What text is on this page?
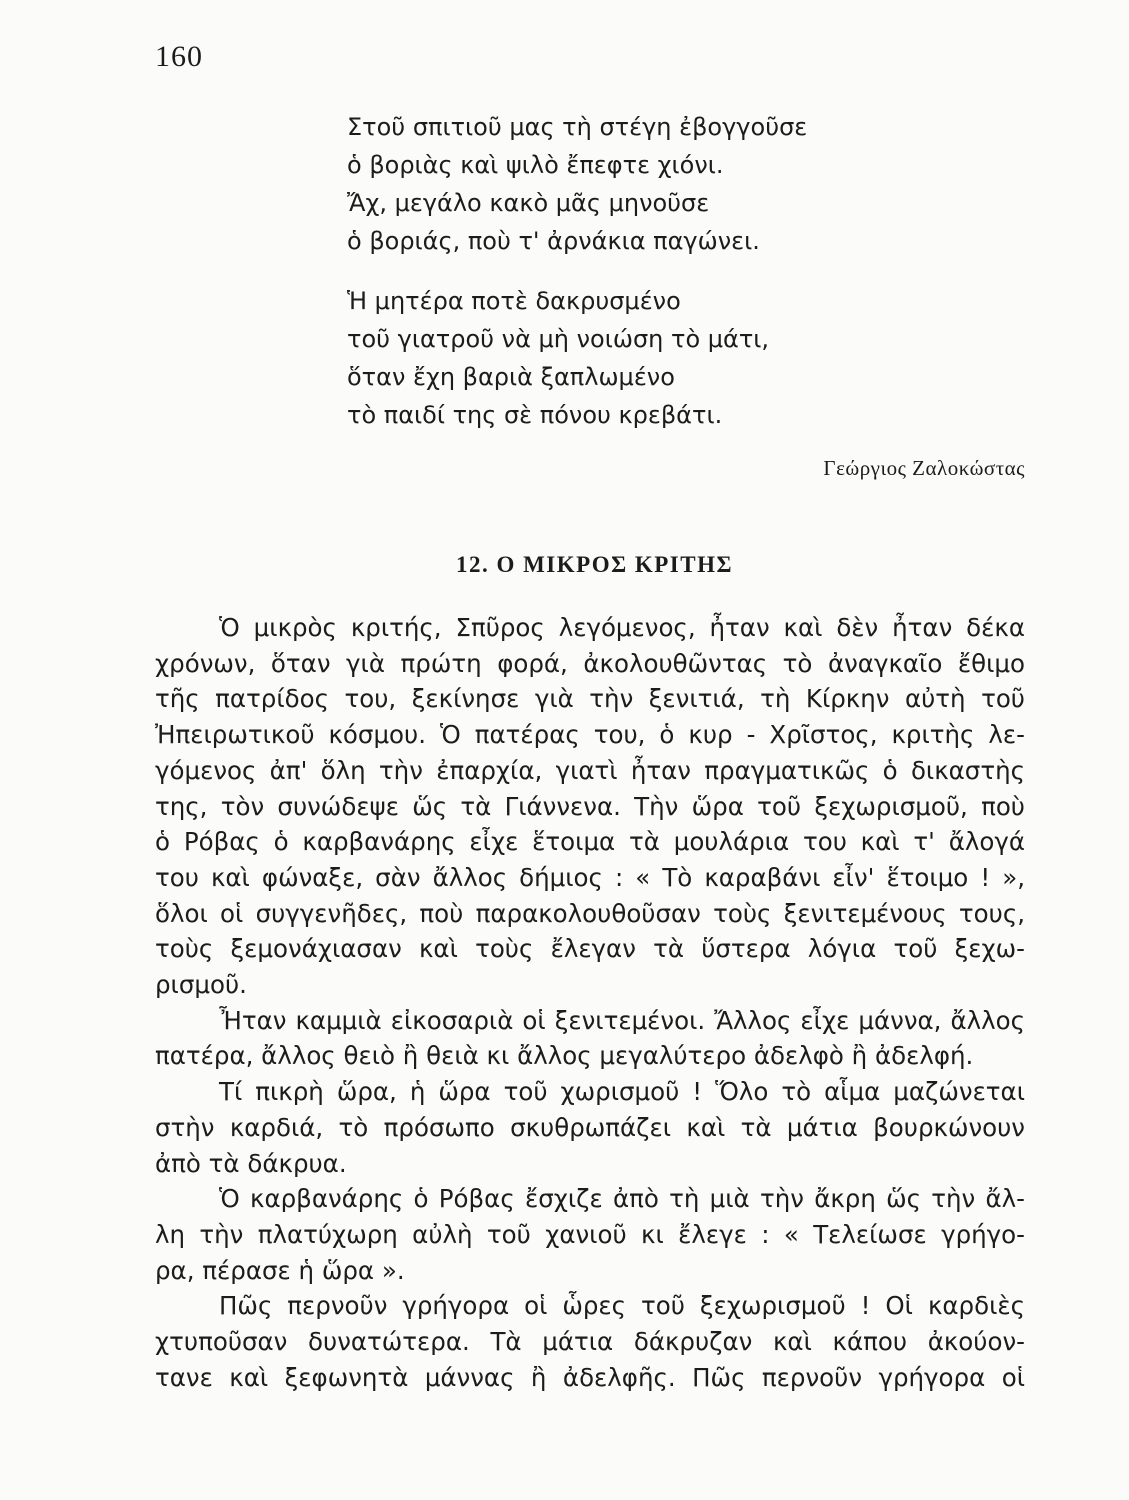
160
Στοῦ σπιτιοῦ μας τὴ στέγη ἐβογγοῦσε
ὁ βοριὰς καὶ ψιλὸ ἔπεφτε χιόνι.
Ἄχ, μεγάλο κακὸ μᾶς μηνοῦσε
ὁ βοριάς, ποὺ τ' ἀρνάκια παγώνει.
Ἡ μητέρα ποτὲ δακρυσμένο
τοῦ γιατροῦ νὰ μὴ νοιώση τὸ μάτι,
ὅταν ἔχη βαριὰ ξαπλωμένο
τὸ παιδί της σὲ πόνου κρεβάτι.
Γεώργιος Ζαλοκώστας
12. Ο ΜΙΚΡΟΣ ΚΡΙΤΗΣ
Ὁ μικρὸς κριτής, Σπῦρος λεγόμενος, ἦταν καὶ δὲν ἦταν δέκα
χρόνων, ὅταν γιὰ πρώτη φορά, ἀκολουθῶντας τὸ ἀναγκαῖο ἔθιμο
τῆς πατρίδος του, ξεκίνησε γιὰ τὴν ξενιτιά, τὴ Κίρκην αὐτὴ τοῦ
Ἠπειρωτικοῦ κόσμου. Ὁ πατέρας του, ὁ κυρ - Χρῖστος, κριτὴς λε-
γόμενος ἀπ' ὅλη τὴν ἐπαρχία, γιατὶ ἦταν πραγματικῶς ὁ δικαστὴς
της, τὸν συνώδεψε ὥς τὰ Γιάννενα. Τὴν ὥρα τοῦ ξεχωρισμοῦ, ποὺ
ὁ Ρόβας ὁ καρβανάρης εἶχε ἕτοιμα τὰ μουλάρια του καὶ τ' ἄλογά
του καὶ φώναξε, σὰν ἄλλος δήμιος : « Τὸ καραβάνι εἶν' ἕτοιμο ! »,
ὅλοι οἱ συγγενῆδες, ποὺ παρακολουθοῦσαν τοὺς ξενιτεμένους τους,
τοὺς ξεμονάχιασαν καὶ τοὺς ἔλεγαν τὰ ὕστερα λόγια τοῦ ξεχω-
ρισμοῦ.
Ἦταν καμμιὰ εἰκοσαριὰ οἱ ξενιτεμένοι. Ἄλλος εἶχε μάννα, ἄλλος
πατέρα, ἄλλος θειὸ ἢ θειὰ κι ἄλλος μεγαλύτερο ἀδελφὸ ἢ ἀδελφή.
Τί πικρὴ ὥρα, ἡ ὥρα τοῦ χωρισμοῦ ! Ὅλο τὸ αἷμα μαζώνεται
στὴν καρδιά, τὸ πρόσωπο σκυθρωπάζει καὶ τὰ μάτια βουρκώνουν
ἀπὸ τὰ δάκρυα.
Ὁ καρβανάρης ὁ Ρόβας ἔσχιζε ἀπὸ τὴ μιὰ τὴν ἄκρη ὥς τὴν ἄλ-
λη τὴν πλατύχωρη αὐλὴ τοῦ χανιοῦ κι ἔλεγε : « Τελείωσε γρήγο-
ρα, πέρασε ἡ ὥρα ».
Πῶς περνοῦν γρήγορα οἱ ὧρες τοῦ ξεχωρισμοῦ ! Οἱ καρδιὲς
χτυποῦσαν δυνατώτερα. Τὰ μάτια δάκρυζαν καὶ κάπου ἀκούον-
τανε καὶ ξεφωνητὰ μάννας ἢ ἀδελφῆς. Πῶς περνοῦν γρήγορα οἱ
